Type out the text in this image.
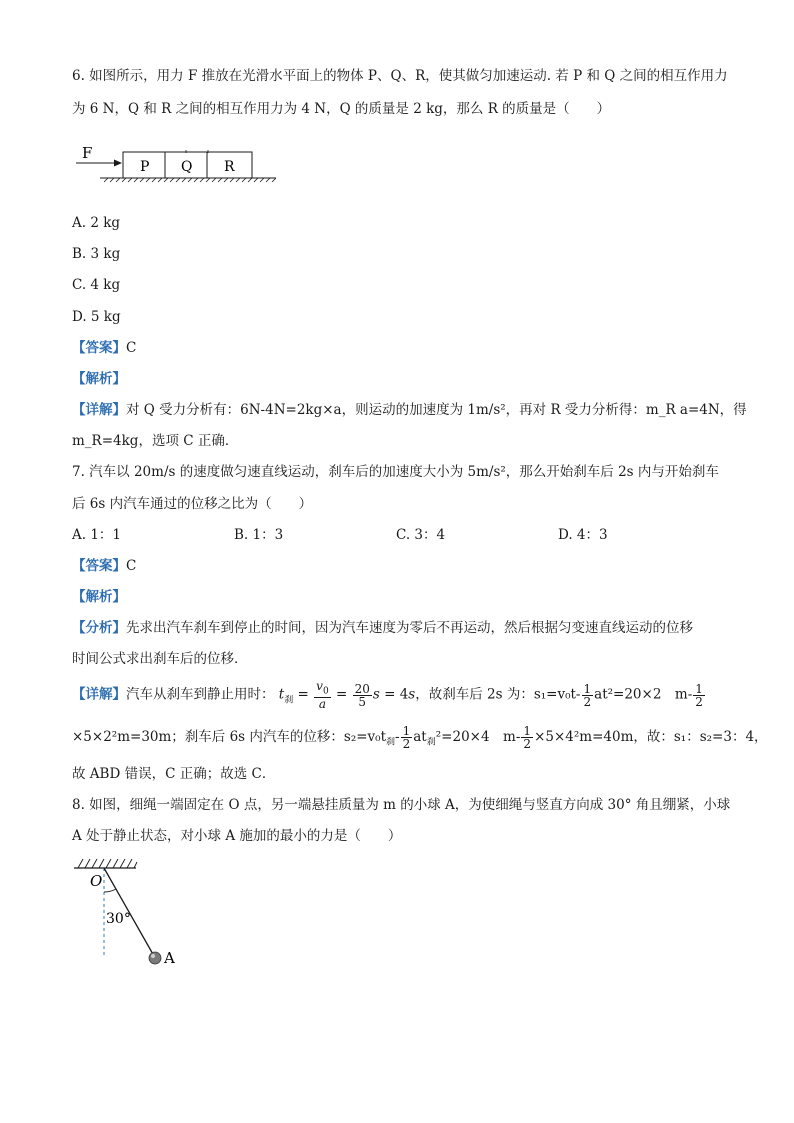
6. 如图所示，用力 F 推放在光滑水平面上的物体 P、Q、R，使其做匀加速运动. 若 P 和 Q 之间的相互作用力
为 6 N，Q 和 R 之间的相互作用力为 4 N，Q 的质量是 2 kg，那么 R 的质量是（　　）
F
P Q R
A. 2 kg
B. 3 kg
C. 4 kg
D. 5 kg
【答案】C
【解析】
【详解】对 Q 受力分析有：6N-4N=2kg×a，则运动的加速度为 1m/s²，再对 R 受力分析得：m_R a=4N，得
m_R=4kg，选项 C 正确．
7. 汽车以 20m/s 的速度做匀速直线运动，刹车后的加速度大小为 5m/s²，那么开始刹车后 2s 内与开始刹车
后 6s 内汽车通过的位移之比为（　　）
A. 1：1	B. 1：3	C. 3：4	D. 4：3
【答案】C
【解析】
【分析】先求出汽车刹车到停止的时间，因为汽车速度为零后不再运动，然后根据匀变速直线运动的位移
时间公式求出刹车后的位移．
【详解】汽车从刹车到静止用时： $t_刹 = \frac{v_0}{a} = \frac{20}{5}$ s = 4s，故刹车后 2s 为：$s_1=v_0t- \frac{1}{2} at^2=20\times 2$　$m- \frac{1}{2}$
×5×2²m=30m；刹车后 6s 内汽车的位移：$s_2=v_0t_刹- \frac{1}{2} at_刹^2=20\times 4$　$m- \frac{1}{2} \times 5\times 4^2m=40m$，故：s₁：s₂=3：4，
故 ABD 错误，C 正确；故选 C．
8. 如图，细绳一端固定在 O 点，另一端悬挂质量为 m 的小球 A，为使细绳与竖直方向成 30° 角且绷紧，小球
A 处于静止状态，对小球 A 施加的最小的力是（　　）
O
30°
A
